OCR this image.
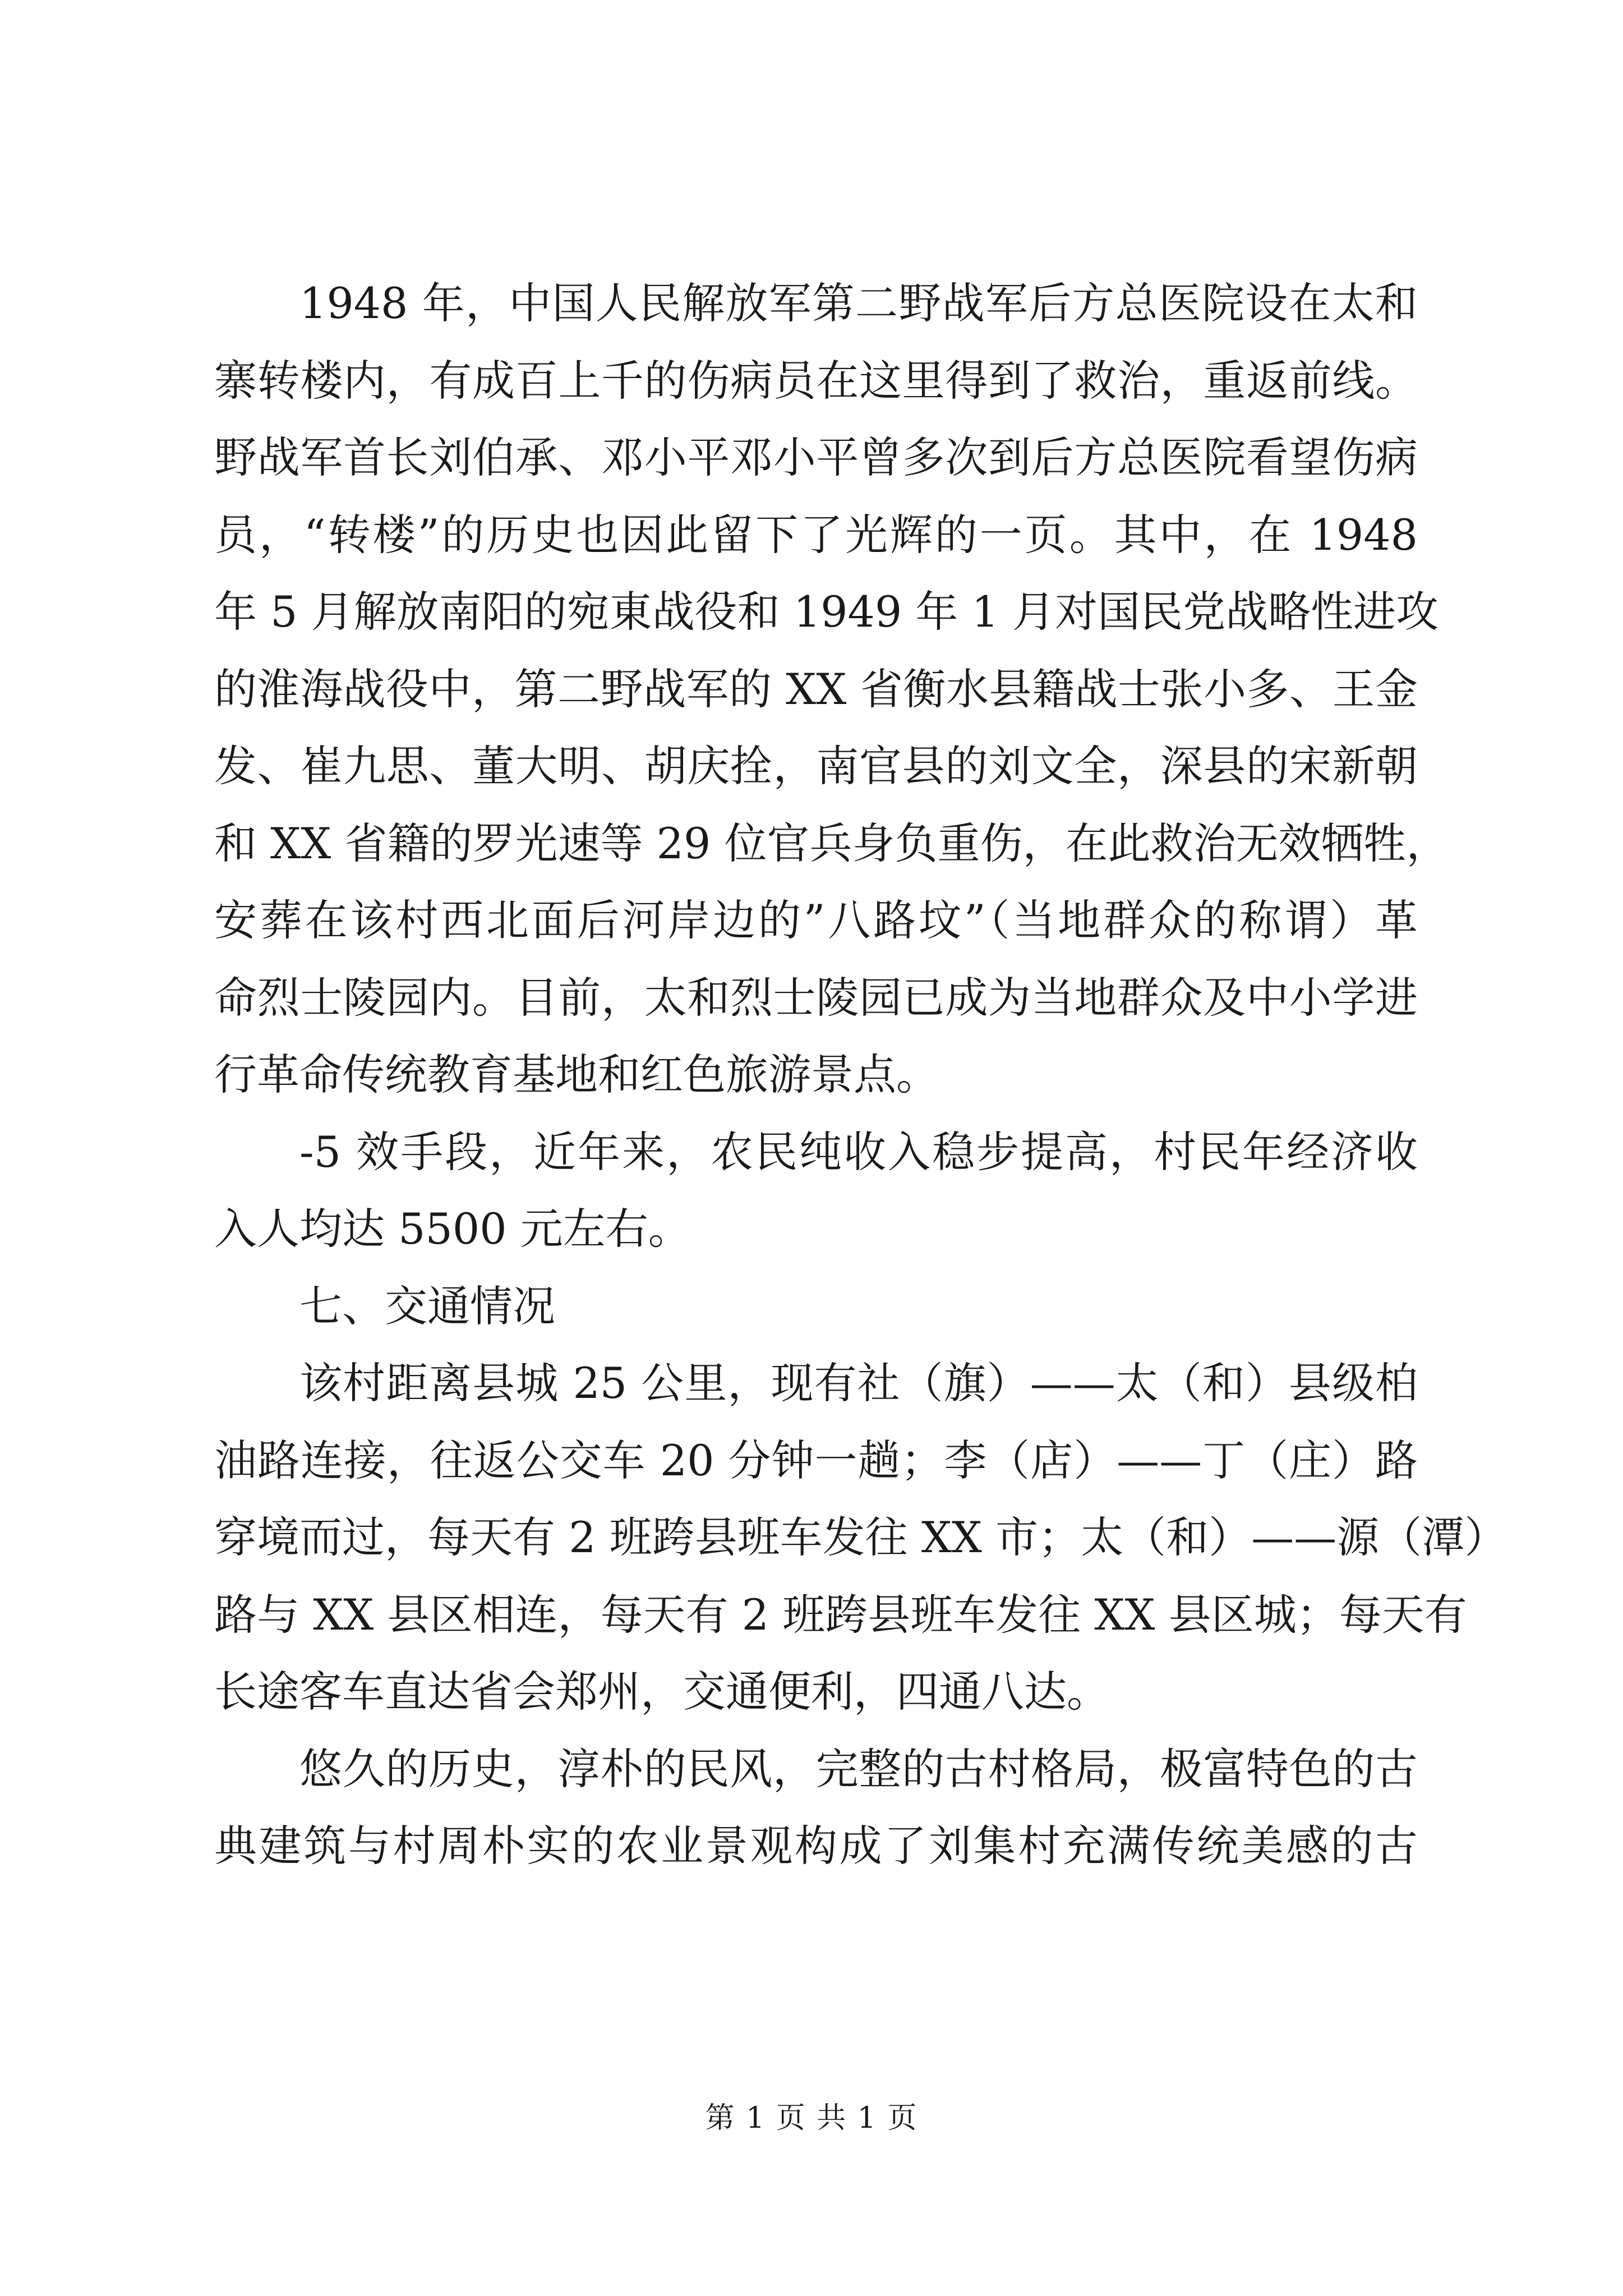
1948 年，中国人民解放军第二野战军后方总医院设在太和
寨转楼内，有成百上千的伤病员在这里得到了救治，重返前线。
野战军首长刘伯承、邓小平邓小平曾多次到后方总医院看望伤病
员，“转楼”的历史也因此留下了光辉的一页。其中，在 1948
年 5 月解放南阳的宛東战役和 1949 年 1 月对国民党战略性进攻
的淮海战役中，第二野战军的 XX 省衡水县籍战士张小多、王金
发、崔九思、董大明、胡庆拴，南官县的刘文全，深县的宋新朝
和 XX 省籍的罗光速等 29 位官兵身负重伤，在此救治无效牺牲，
安葬在该村西北面后河岸边的”八路坟”（当地群众的称谓）革
命烈士陵园内。目前，太和烈士陵园已成为当地群众及中小学进
行革命传统教育基地和红色旅游景点。
-5 效手段，近年来，农民纯收入稳步提高，村民年经济收
入人均达 5500 元左右。
七、交通情况
该村距离县城 25 公里，现有社（旗）——太（和）县级柏
油路连接，往返公交车 20 分钟一趟；李（店）——丁（庄）路
穿境而过，每天有 2 班跨县班车发往 XX 市；太（和）——源（潭）
路与 XX 县区相连，每天有 2 班跨县班车发往 XX 县区城；每天有
长途客车直达省会郑州，交通便利，四通八达。
悠久的历史，淳朴的民风，完整的古村格局，极富特色的古
典建筑与村周朴实的农业景观构成了刘集村充满传统美感的古
第 1 页 共 1 页
